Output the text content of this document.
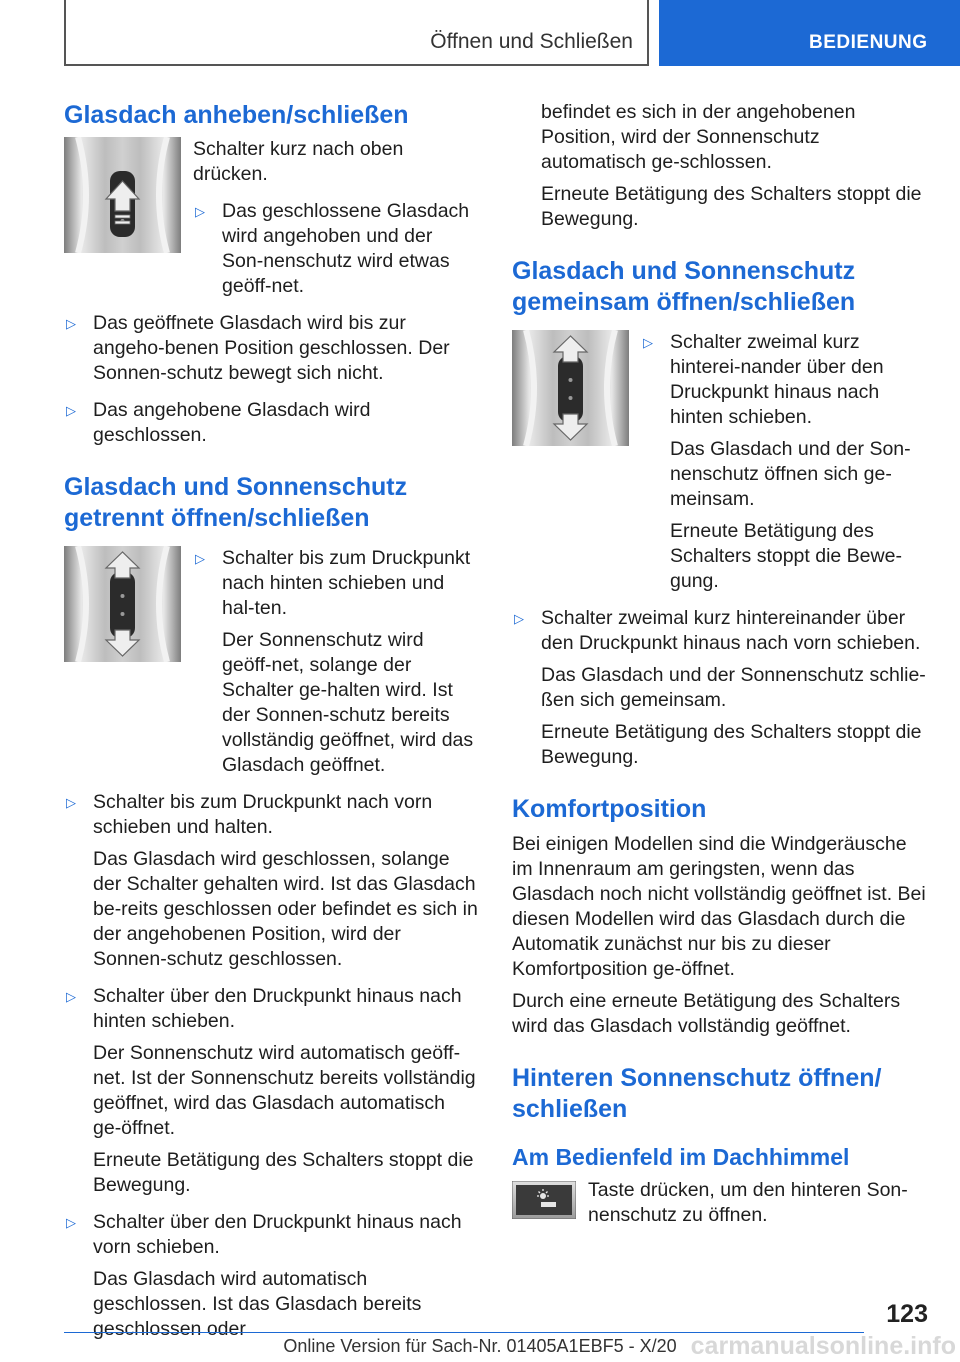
Öffnen und Schließen	BEDIENUNG
Glasdach anheben/schließen

Schalter kurz nach oben drücken.

▷ Das geschlossene Glasdach wird angehoben und der Son-nenschutz wird etwas geöff-net.
▷ Das geöffnete Glasdach wird bis zur angeho-benen Position geschlossen. Der Sonnen-schutz bewegt sich nicht.
▷ Das angehobene Glasdach wird geschlossen.
Glasdach und Sonnenschutz getrennt öffnen/schließen
▷ Schalter bis zum Druckpunkt nach hinten schieben und hal-ten.
Der Sonnenschutz wird geöff-net, solange der Schalter ge-halten wird. Ist der Sonnen-schutz bereits vollständig geöffnet, wird das Glasdach geöffnet.
▷ Schalter bis zum Druckpunkt nach vorn schieben und halten.
Das Glasdach wird geschlossen, solange der Schalter gehalten wird. Ist das Glasdach be-reits geschlossen oder befindet es sich in der angehobenen Position, wird der Sonnen-schutz geschlossen.
▷ Schalter über den Druckpunkt hinaus nach hinten schieben.
Der Sonnenschutz wird automatisch geöff-net. Ist der Sonnenschutz bereits vollständig geöffnet, wird das Glasdach automatisch ge-öffnet.
Erneute Betätigung des Schalters stoppt die Bewegung.
▷ Schalter über den Druckpunkt hinaus nach vorn schieben.
Das Glasdach wird automatisch geschlossen. Ist das Glasdach bereits geschlossen oder
befindet es sich in der angehobenen Position, wird der Sonnenschutz automatisch ge-schlossen.
Erneute Betätigung des Schalters stoppt die Bewegung.
Glasdach und Sonnenschutz gemeinsam öffnen/schließen
▷ Schalter zweimal kurz hinterei-nander über den Druckpunkt hinaus nach hinten schieben.
Das Glasdach und der Son-nenschutz öffnen sich ge-meinsam.
Erneute Betätigung des Schalters stoppt die Bewe-gung.
▷ Schalter zweimal kurz hintereinander über den Druckpunkt hinaus nach vorn schieben.
Das Glasdach und der Sonnenschutz schlie-ßen sich gemeinsam.
Erneute Betätigung des Schalters stoppt die Bewegung.
Komfortposition

Bei einigen Modellen sind die Windgeräusche im Innenraum am geringsten, wenn das Glasdach noch nicht vollständig geöffnet ist. Bei diesen Modellen wird das Glasdach durch die Automatik zunächst nur bis zu dieser Komfortposition ge-öffnet.

Durch eine erneute Betätigung des Schalters wird das Glasdach vollständig geöffnet.

Hinteren Sonnenschutz öffnen/ schließen
Am Bedienfeld im Dachhimmel

Taste drücken, um den hinteren Son-nenschutz zu öffnen.

123
carmanualsonline.info
Online Version für Sach-Nr. 01405A1EBF5 - X/20
